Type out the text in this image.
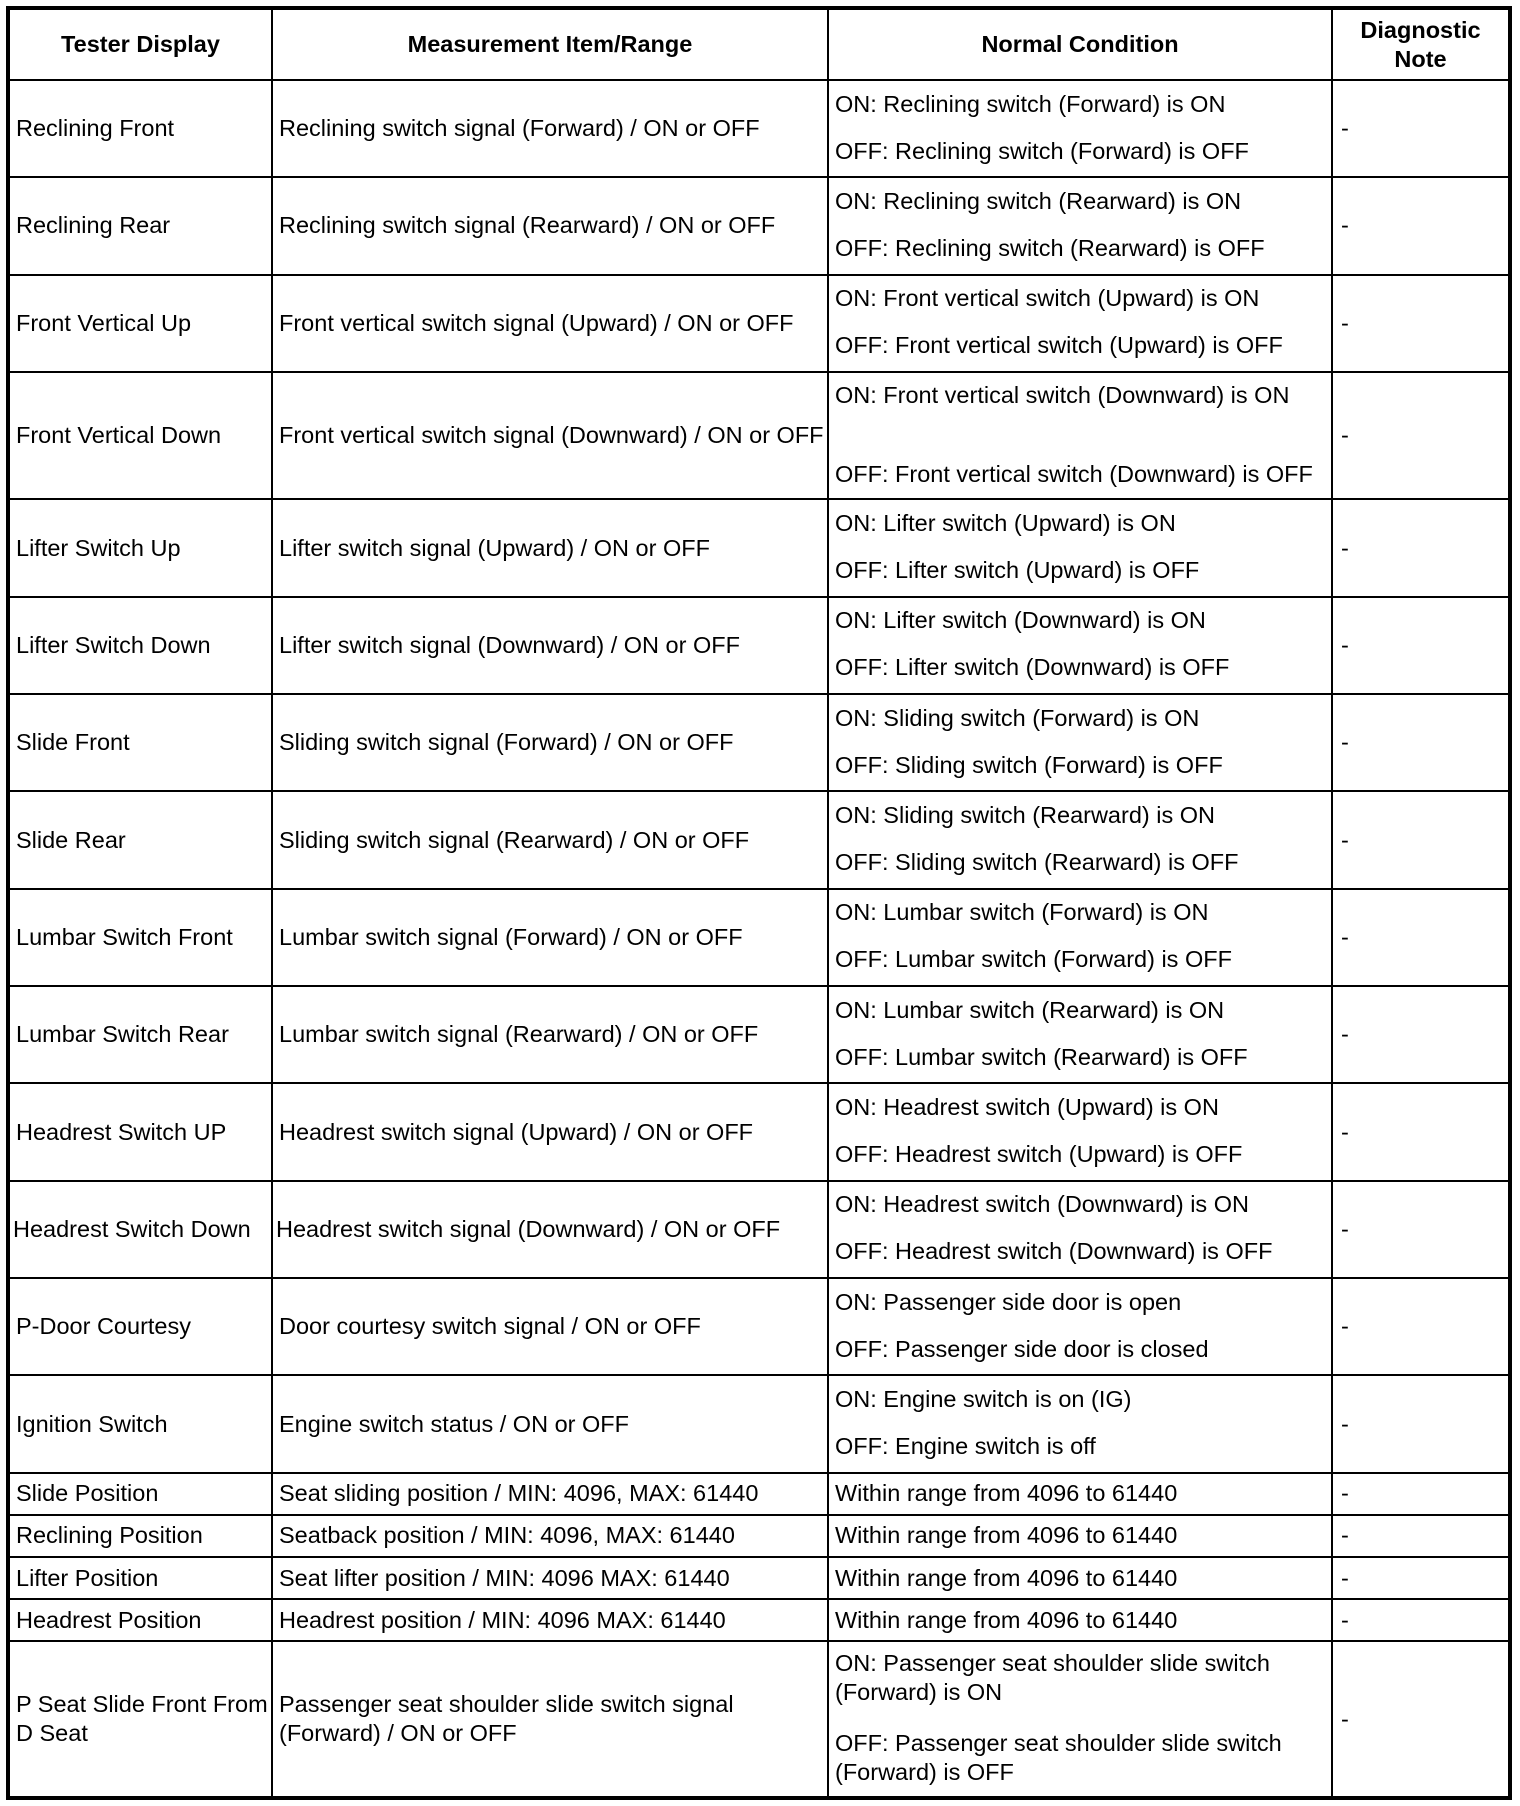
Tester Display	Measurement Item/Range	Normal Condition	Diagnostic Note
Reclining Front	Reclining switch signal (Forward) / ON or OFF	ON: Reclining switch (Forward) is ON
OFF: Reclining switch (Forward) is OFF	-
Reclining Rear	Reclining switch signal (Rearward) / ON or OFF	ON: Reclining switch (Rearward) is ON
OFF: Reclining switch (Rearward) is OFF	-
Front Vertical Up	Front vertical switch signal (Upward) / ON or OFF	ON: Front vertical switch (Upward) is ON
OFF: Front vertical switch (Upward) is OFF	-
Front Vertical Down	Front vertical switch signal (Downward) / ON or OFF	ON: Front vertical switch (Downward) is ON
OFF: Front vertical switch (Downward) is OFF	-
Lifter Switch Up	Lifter switch signal (Upward) / ON or OFF	ON: Lifter switch (Upward) is ON
OFF: Lifter switch (Upward) is OFF	-
Lifter Switch Down	Lifter switch signal (Downward) / ON or OFF	ON: Lifter switch (Downward) is ON
OFF: Lifter switch (Downward) is OFF	-
Slide Front	Sliding switch signal (Forward) / ON or OFF	ON: Sliding switch (Forward) is ON
OFF: Sliding switch (Forward) is OFF	-
Slide Rear	Sliding switch signal (Rearward) / ON or OFF	ON: Sliding switch (Rearward) is ON
OFF: Sliding switch (Rearward) is OFF	-
Lumbar Switch Front	Lumbar switch signal (Forward) / ON or OFF	ON: Lumbar switch (Forward) is ON
OFF: Lumbar switch (Forward) is OFF	-
Lumbar Switch Rear	Lumbar switch signal (Rearward) / ON or OFF	ON: Lumbar switch (Rearward) is ON
OFF: Lumbar switch (Rearward) is OFF	-
Headrest Switch UP	Headrest switch signal (Upward) / ON or OFF	ON: Headrest switch (Upward) is ON
OFF: Headrest switch (Upward) is OFF	-
Headrest Switch Down	Headrest switch signal (Downward) / ON or OFF	ON: Headrest switch (Downward) is ON
OFF: Headrest switch (Downward) is OFF	-
P-Door Courtesy	Door courtesy switch signal / ON or OFF	ON: Passenger side door is open
OFF: Passenger side door is closed	-
Ignition Switch	Engine switch status / ON or OFF	ON: Engine switch is on (IG)
OFF: Engine switch is off	-
Slide Position	Seat sliding position / MIN: 4096, MAX: 61440	Within range from 4096 to 61440	-
Reclining Position	Seatback position / MIN: 4096, MAX: 61440	Within range from 4096 to 61440	-
Lifter Position	Seat lifter position / MIN: 4096 MAX: 61440	Within range from 4096 to 61440	-
Headrest Position	Headrest position / MIN: 4096 MAX: 61440	Within range from 4096 to 61440	-
P Seat Slide Front From D Seat	Passenger seat shoulder slide switch signal (Forward) / ON or OFF	ON: Passenger seat shoulder slide switch (Forward) is ON
OFF: Passenger seat shoulder slide switch (Forward) is OFF	-
